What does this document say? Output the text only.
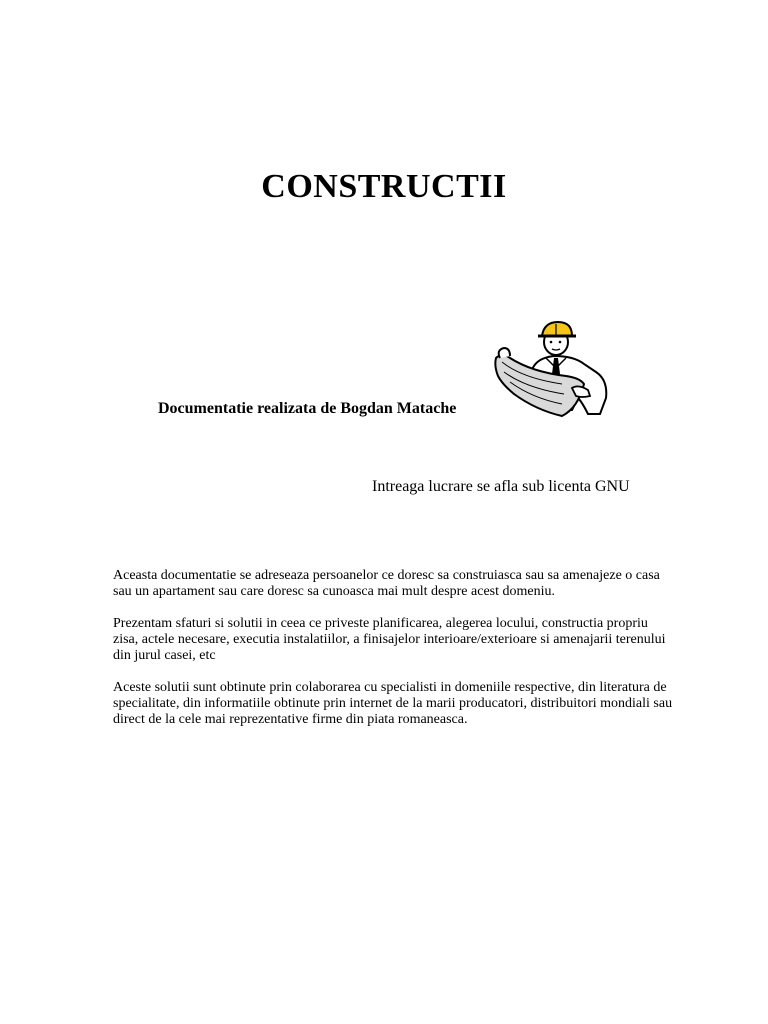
CONSTRUCTII

Documentatie realizata de Bogdan Matache

Intreaga lucrare se afla sub licenta GNU

Aceasta documentatie se adreseaza persoanelor ce doresc sa construiasca sau sa amenajeze o casa sau un apartament sau care doresc sa cunoasca mai mult despre acest domeniu.

Prezentam sfaturi si solutii in ceea ce priveste planificarea, alegerea locului, constructia propriu zisa, actele necesare, executia instalatiilor, a finisajelor interioare/exterioare si amenajarii terenului din jurul casei, etc

Aceste solutii sunt obtinute prin colaborarea cu specialisti in domeniile respective, din literatura de specialitate, din informatiile obtinute prin internet de la marii producatori, distribuitori mondiali sau direct de la cele mai reprezentative firme din piata romaneasca.
